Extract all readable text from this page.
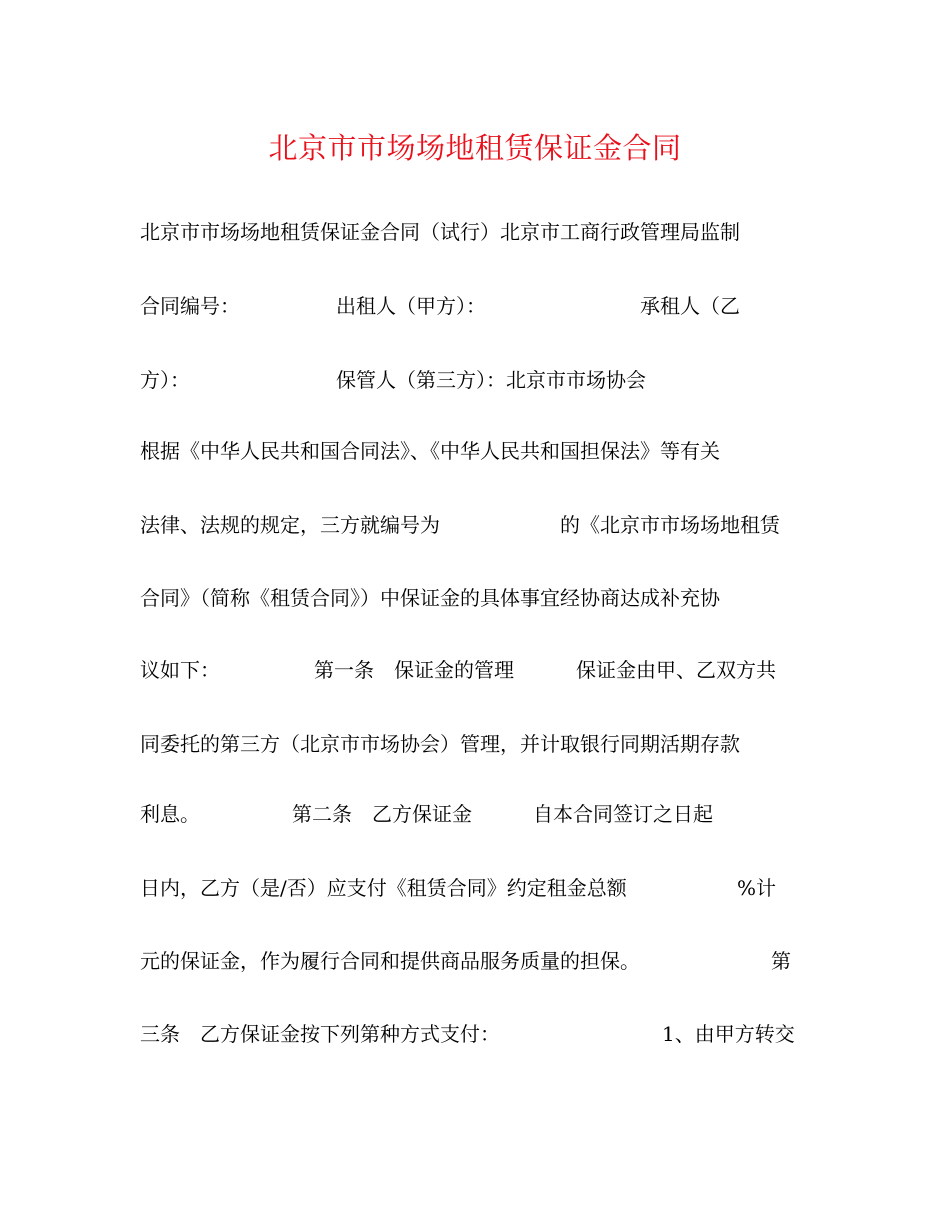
北京市市场场地租赁保证金合同
北京市市场场地租赁保证金合同（试行）北京市工商行政管理局监制
合同编号：	出租人（甲方）：	承租人（乙
方）：	保管人（第三方）：北京市市场协会
根据《中华人民共和国合同法》、《中华人民共和国担保法》等有关
法律、法规的规定，三方就编号为	的《北京市市场场地租赁
合同》（简称《租赁合同》）中保证金的具体事宜经协商达成补充协
议如下：	第一条　保证金的管理	保证金由甲、乙双方共
同委托的第三方（北京市市场协会）管理，并计取银行同期活期存款
利息。	第二条　乙方保证金	自本合同签订之日起
日内，乙方（是/否）应支付《租赁合同》约定租金总额	%计
元的保证金，作为履行合同和提供商品服务质量的担保。	第
三条　乙方保证金按下列第种方式支付：	1、由甲方转交
